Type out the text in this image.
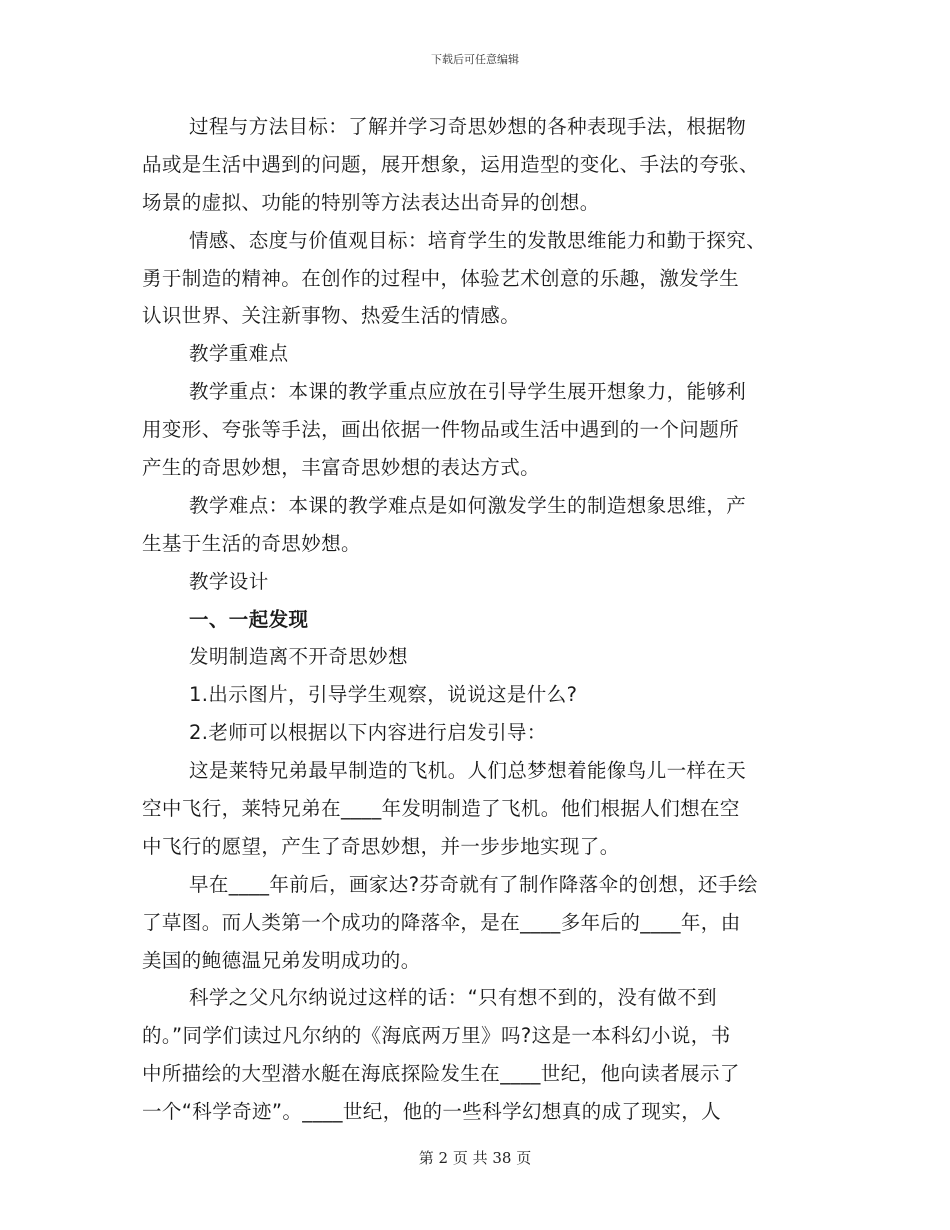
下载后可任意编辑
过程与方法目标：了解并学习奇思妙想的各种表现手法，根据物
品或是生活中遇到的问题，展开想象，运用造型的变化、手法的夸张、
场景的虚拟、功能的特别等方法表达出奇异的创想。
情感、态度与价值观目标：培育学生的发散思维能力和勤于探究、
勇于制造的精神。在创作的过程中，体验艺术创意的乐趣，激发学生
认识世界、关注新事物、热爱生活的情感。
教学重难点
教学重点：本课的教学重点应放在引导学生展开想象力，能够利
用变形、夸张等手法，画出依据一件物品或生活中遇到的一个问题所
产生的奇思妙想，丰富奇思妙想的表达方式。
教学难点：本课的教学难点是如何激发学生的制造想象思维，产
生基于生活的奇思妙想。
教学设计
一、一起发现
发明制造离不开奇思妙想
1.出示图片，引导学生观察，说说这是什么?
2.老师可以根据以下内容进行启发引导：
这是莱特兄弟最早制造的飞机。人们总梦想着能像鸟儿一样在天
空中飞行，莱特兄弟在____年发明制造了飞机。他们根据人们想在空
中飞行的愿望，产生了奇思妙想，并一步步地实现了。
早在____年前后，画家达?芬奇就有了制作降落伞的创想，还手绘
了草图。而人类第一个成功的降落伞，是在____多年后的____年，由
美国的鲍德温兄弟发明成功的。
科学之父凡尔纳说过这样的话：“只有想不到的，没有做不到
的。”同学们读过凡尔纳的《海底两万里》吗?这是一本科幻小说，书
中所描绘的大型潜水艇在海底探险发生在____世纪，他向读者展示了
一个“科学奇迹”。____世纪，他的一些科学幻想真的成了现实，人
第 2 页 共 38 页
